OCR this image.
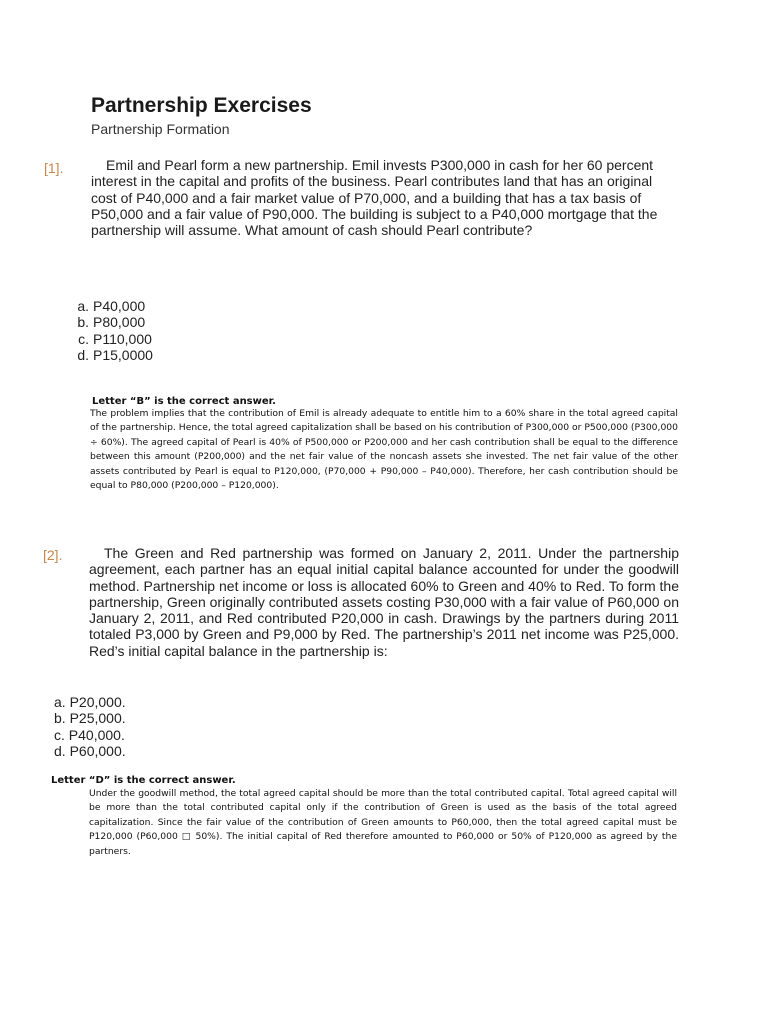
Partnership Exercises
Partnership Formation
[1].	Emil and Pearl form a new partnership. Emil invests P300,000 in cash for her 60 percent interest in the capital and profits of the business. Pearl contributes land that has an original cost of P40,000 and a fair market value of P70,000, and a building that has a tax basis of P50,000 and a fair value of P90,000. The building is subject to a P40,000 mortgage that the partnership will assume. What amount of cash should Pearl contribute?

a. P40,000
b. P80,000
c. P110,000
d. P15,0000
Letter “B” is the correct answer.

The problem implies that the contribution of Emil is already adequate to entitle him to a 60% share in the total agreed capital of the partnership. Hence, the total agreed capitalization shall be based on his contribution of P300,000 or P500,000 (P300,000 ÷ 60%). The agreed capital of Pearl is 40% of P500,000 or P200,000 and her cash contribution shall be equal to the difference between this amount (P200,000) and the net fair value of the noncash assets she invested. The net fair value of the other assets contributed by Pearl is equal to P120,000, (P70,000 + P90,000 – P40,000). Therefore, her cash contribution should be equal to P80,000 (P200,000 – P120,000).

[2].	The Green and Red partnership was formed on January 2, 2011. Under the partnership agreement, each partner has an equal initial capital balance accounted for under the goodwill method. Partnership net income or loss is allocated 60% to Green and 40% to Red. To form the partnership, Green originally contributed assets costing P30,000 with a fair value of P60,000 on January 2, 2011, and Red contributed P20,000 in cash. Drawings by the partners during 2011 totaled P3,000 by Green and P9,000 by Red. The partnership’s 2011 net income was P25,000. Red’s initial capital balance in the partnership is:

a. P20,000.
b. P25,000.
c. P40,000.
d. P60,000.
Letter “D” is the correct answer.

Under the goodwill method, the total agreed capital should be more than the total contributed capital. Total agreed capital will be more than the total contributed capital only if the contribution of Green is used as the basis of the total agreed capitalization. Since the fair value of the contribution of Green amounts to P60,000, then the total agreed capital must be P120,000 (P60,000 □ 50%). The initial capital of Red therefore amounted to P60,000 or 50% of P120,000 as agreed by the partners.
